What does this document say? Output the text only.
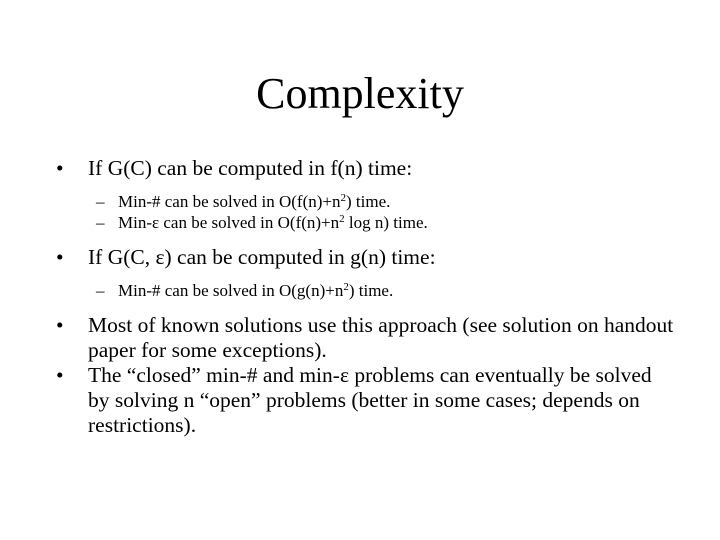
Complexity
• If G(C) can be computed in f(n) time:
– Min-# can be solved in $O(f(n)+n^2)$ time.
– Min-ε can be solved in $O(f(n)+n^2$ log n) time.
• If G(C, ε) can be computed in g(n) time:
– Min-# can be solved in $O(g(n)+n^2)$ time.
• Most of known solutions use this approach (see solution on handout paper for some exceptions).
• The “closed” min-# and min-ε problems can eventually be solved by solving n “open” problems (better in some cases; depends on restrictions).
